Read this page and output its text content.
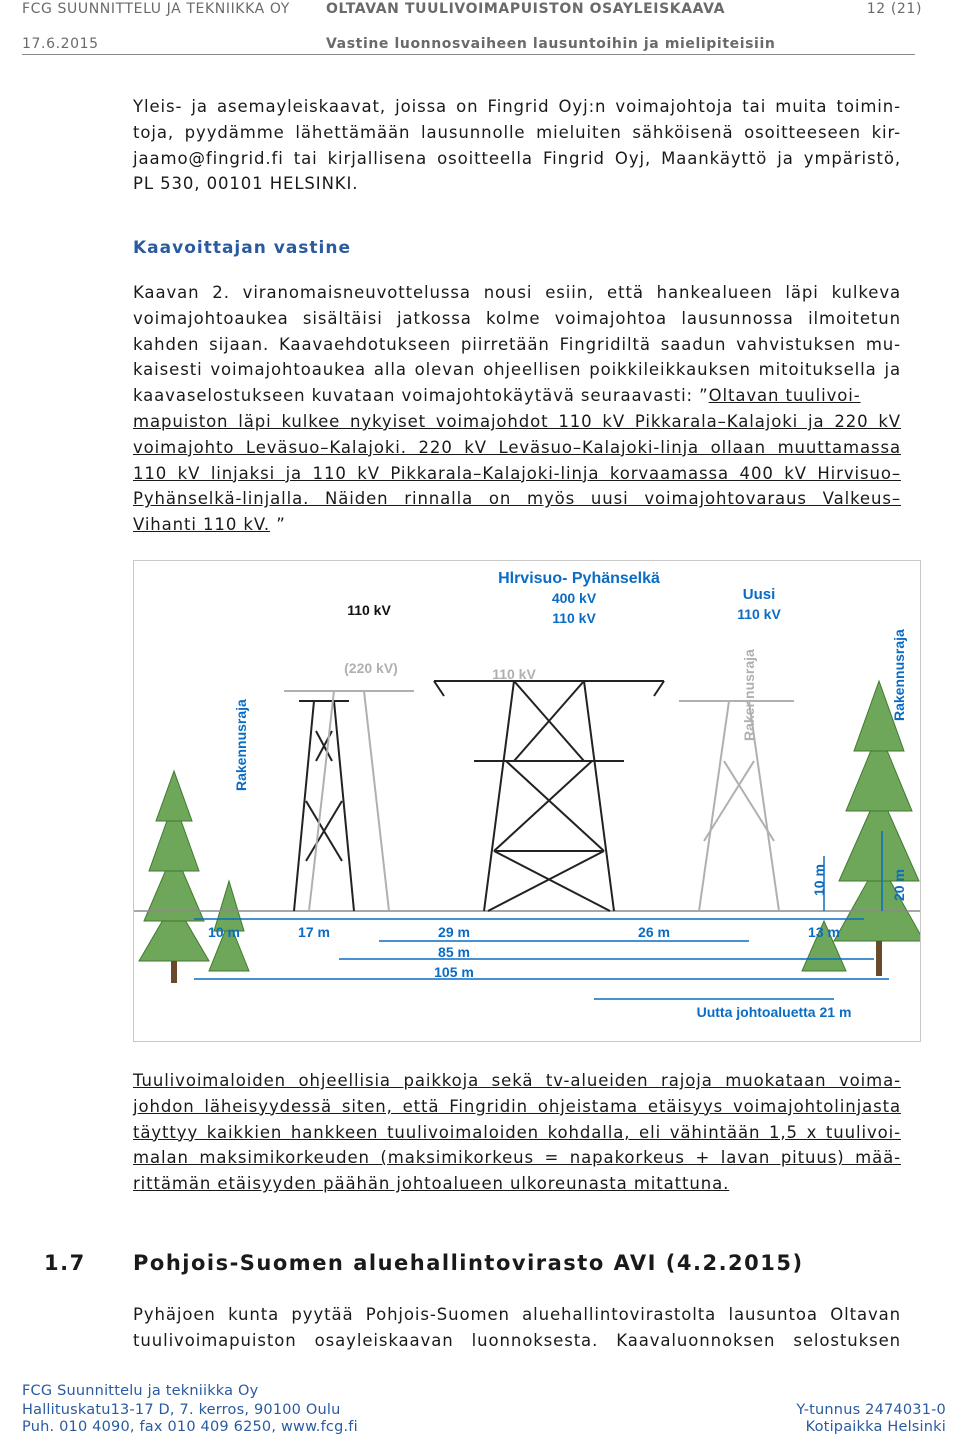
FCG SUUNNITTELU JA TEKNIIKKA OY	OLTAVAN TUULIVOIMAPUISTON OSAYLEISKAAVA	12 (21)
17.6.2015	Vastine luonnosvaiheen lausuntoihin ja mielipiteisiin
Yleis- ja asemayleiskaavat, joissa on Fingrid Oyj:n voimajohtoja tai muita toimin-
toja, pyydämme lähettämään lausunnolle mieluiten sähköisenä osoitteeseen kir-
jaamo@fingrid.fi tai kirjallisena osoitteella Fingrid Oyj, Maankäyttö ja ympäristö,
PL 530, 00101 HELSINKI.
Kaavoittajan vastine
Kaavan 2. viranomaisneuvottelussa nousi esiin, että hankealueen läpi kulkeva
voimajohtoaukea sisältäisi jatkossa kolme voimajohtoa lausunnossa ilmoitetun
kahden sijaan. Kaavaehdotukseen piirretään Fingridiltä saadun vahvistuksen mu-
kaisesti voimajohtoaukea alla olevan ohjeellisen poikkileikkauksen mitoituksella ja
kaavaselostukseen kuvataan voimajohtokäytävä seuraavasti: ”Oltavan tuulivoi-
mapuiston läpi kulkee nykyiset voimajohdot 110 kV Pikkarala–Kalajoki ja 220 kV
voimajohto Leväsuo–Kalajoki. 220 kV Leväsuo–Kalajoki-linja ollaan muuttamassa
110 kV linjaksi ja 110 kV Pikkarala–Kalajoki-linja korvaamassa 400 kV Hirvisuo–
Pyhänselkä-linjalla. Näiden rinnalla on myös uusi voimajohtovaraus Valkeus–
Vihanti 110 kV. ”
Hlrvisuo- Pyhänselkä
400 kV
110 kV
110 kV
(220 kV)	110 kV
Uusi
110 kV
Rakennusraja
Rakennusraja
Rakennusraja
20 m
10 m
10 m	17 m	29 m	26 m	13 m
85 m
105 m
Uutta johtoaluetta 21 m
Tuulivoimaloiden ohjeellisia paikkoja sekä tv-alueiden rajoja muokataan voima-
johdon läheisyydessä siten, että Fingridin ohjeistama etäisyys voimajohtolinjasta
täyttyy kaikkien hankkeen tuulivoimaloiden kohdalla, eli vähintään 1,5 x tuulivoi-
malan maksimikorkeuden (maksimikorkeus = napakorkeus + lavan pituus) mää-
rittämän etäisyyden päähän johtoalueen ulkoreunasta mitattuna.
1.7 Pohjois-Suomen aluehallintovirasto AVI (4.2.2015)
Pyhäjoen kunta pyytää Pohjois-Suomen aluehallintovirastolta lausuntoa Oltavan
tuulivoimapuiston osayleiskaavan luonnoksesta. Kaavaluonnoksen selostuksen
FCG Suunnittelu ja tekniikka Oy
Hallituskatu13-17 D, 7. kerros, 90100 Oulu
Puh. 010 4090, fax 010 409 6250, www.fcg.fi
Y-tunnus 2474031-0
Kotipaikka Helsinki
